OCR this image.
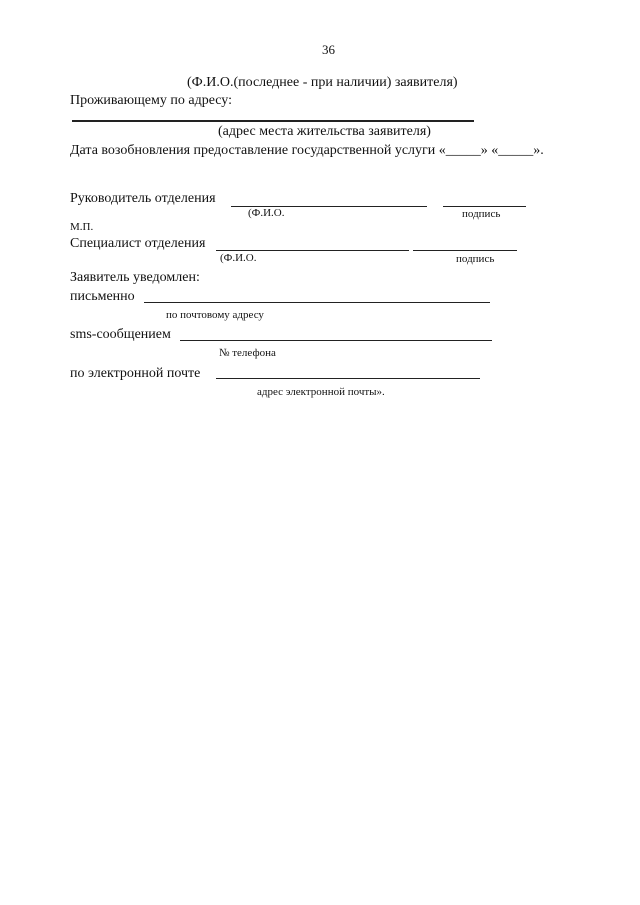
36
(Ф.И.О.(последнее - при наличии) заявителя)
Проживающему по адресу:
(адрес места жительства заявителя)
Дата возобновления предоставление государственной услуги «_____» «_____».
Руководитель отделения
(Ф.И.О.	подпись
М.П.
Специалист отделения
(Ф.И.О.	подпись
Заявитель уведомлен:
письменно
по почтовому адресу
sms-сообщением
№ телефона
по электронной почте
адрес электронной почты».
